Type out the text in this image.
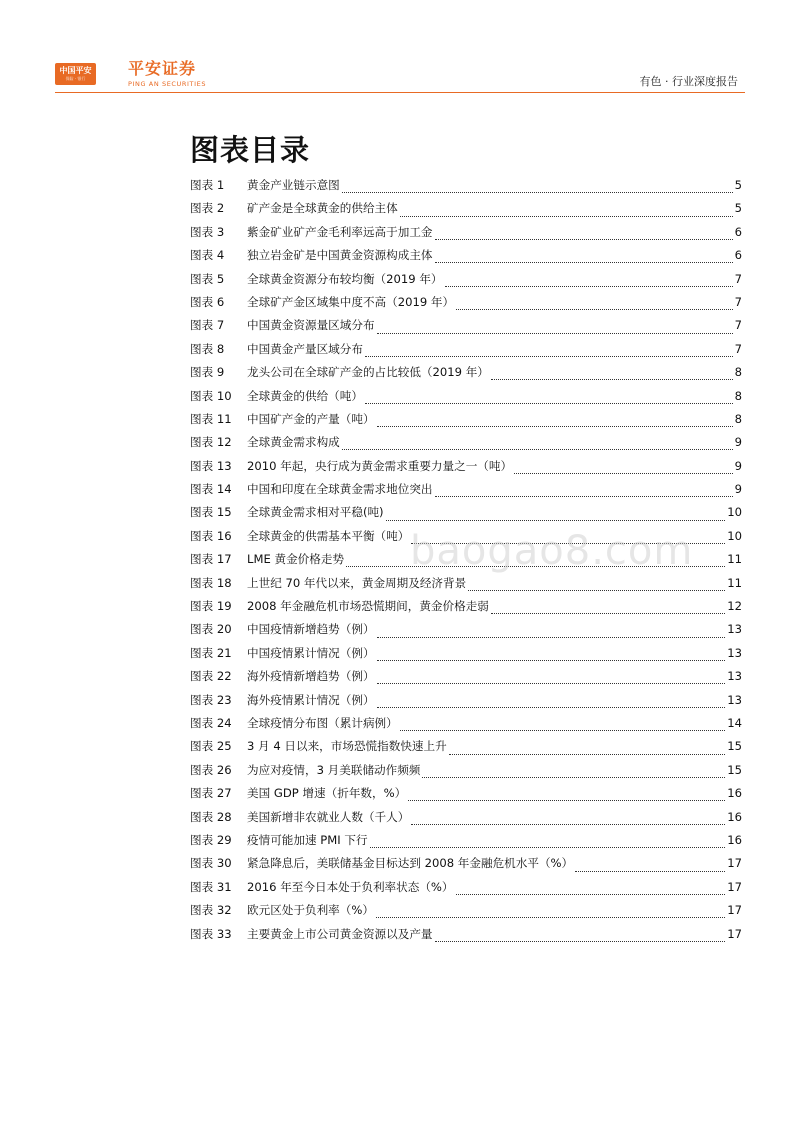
中国平安
保险 · 银行
平安证券
PING AN SECURITIES	有色 · 行业深度报告
图表目录
图表 1	黄金产业链示意图	5
图表 2	矿产金是全球黄金的供给主体	5
图表 3	紫金矿业矿产金毛利率远高于加工金	6
图表 4	独立岩金矿是中国黄金资源构成主体	6
图表 5	全球黄金资源分布较均衡（2019 年）	7
图表 6	全球矿产金区域集中度不高（2019 年）	7
图表 7	中国黄金资源量区域分布	7
图表 8	中国黄金产量区域分布	7
图表 9	龙头公司在全球矿产金的占比较低（2019 年）	8
图表 10	全球黄金的供给（吨）	8
图表 11	中国矿产金的产量（吨）	8
图表 12	全球黄金需求构成	9
图表 13	2010 年起，央行成为黄金需求重要力量之一（吨）	9
图表 14	中国和印度在全球黄金需求地位突出	9
图表 15	全球黄金需求相对平稳(吨)	10
图表 16	全球黄金的供需基本平衡（吨）	10
图表 17	LME 黄金价格走势	11
图表 18	上世纪 70 年代以来，黄金周期及经济背景	11
图表 19	2008 年金融危机市场恐慌期间，黄金价格走弱	12
图表 20	中国疫情新增趋势（例）	13
图表 21	中国疫情累计情况（例）	13
图表 22	海外疫情新增趋势（例）	13
图表 23	海外疫情累计情况（例）	13
图表 24	全球疫情分布图（累计病例）	14
图表 25	3 月 4 日以来，市场恐慌指数快速上升	15
图表 26	为应对疫情，3 月美联储动作频频	15
图表 27	美国 GDP 增速（折年数，%）	16
图表 28	美国新增非农就业人数（千人）	16
图表 29	疫情可能加速 PMI 下行	16
图表 30	紧急降息后，美联储基金目标达到 2008 年金融危机水平（%）	17
图表 31	2016 年至今日本处于负利率状态（%）	17
图表 32	欧元区处于负利率（%）	17
图表 33	主要黄金上市公司黄金资源以及产量	17
baogao8.com
